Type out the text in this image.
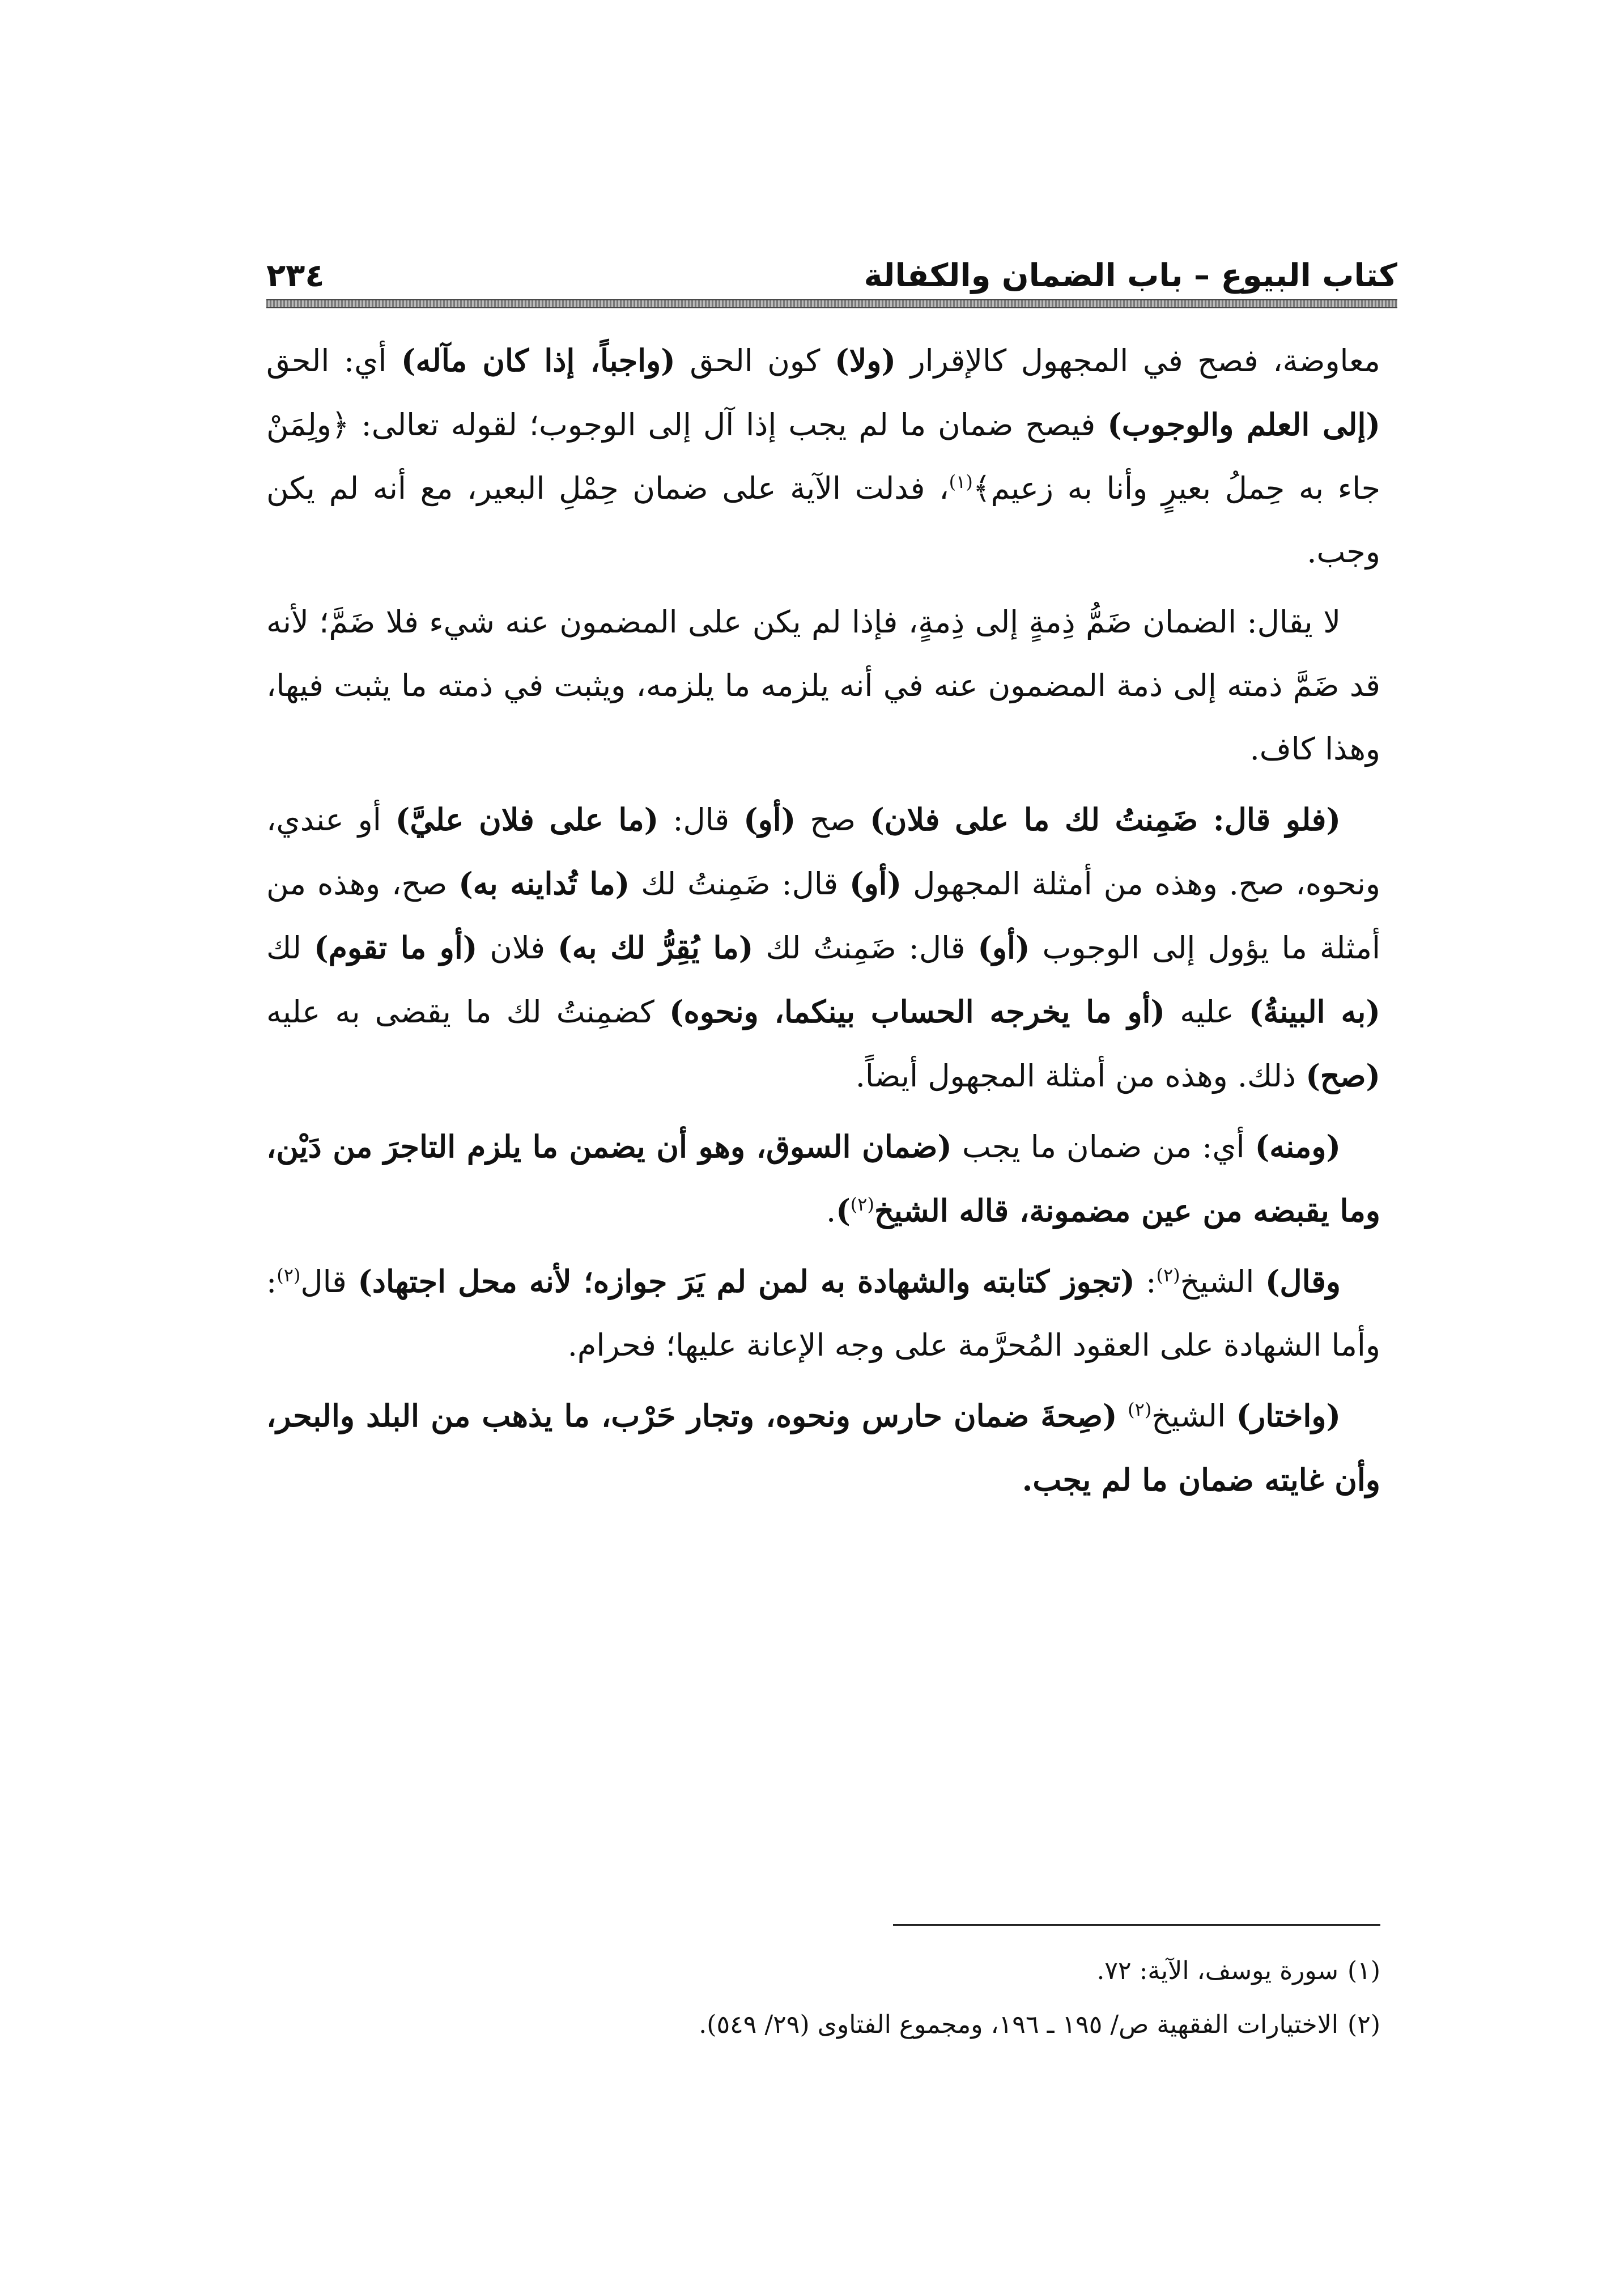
كتاب البيوع – باب الضمان والكفالة
٢٣٤

معاوضة، فصح في المجهول كالإقرار (ولا) كون الحق (واجباً، إذا كان مآله) أي: الحق (إلى العلم والوجوب) فيصح ضمان ما لم يجب إذا آل إلى الوجوب؛ لقوله تعالى: ﴿ولِمَنْ جاء به حِملُ بعيرٍ وأنا به زعيم﴾$^{(١)}$، فدلت الآية على ضمان حِمْلِ البعير، مع أنه لم يكن وجب.

لا يقال: الضمان ضَمُّ ذِمةٍ إلى ذِمةٍ، فإذا لم يكن على المضمون عنه شيء فلا ضَمَّ؛ لأنه قد ضَمَّ ذمته إلى ذمة المضمون عنه في أنه يلزمه ما يلزمه، ويثبت في ذمته ما يثبت فيها، وهذا كاف.

(فلو قال: ضَمِنتُ لك ما على فلان) صح (أو) قال: (ما على فلان عليَّ) أو عندي، ونحوه، صح. وهذه من أمثلة المجهول (أو) قال: ضَمِنتُ لك (ما تُداينه به) صح، وهذه من أمثلة ما يؤول إلى الوجوب (أو) قال: ضَمِنتُ لك (ما يُقِرُّ لك به) فلان (أو ما تقوم) لك (به البينةُ) عليه (أو ما يخرجه الحساب بينكما، ونحوه) كضمِنتُ لك ما يقضى به عليه (صح) ذلك. وهذه من أمثلة المجهول أيضاً.

(ومنه) أي: من ضمان ما يجب (ضمان السوق، وهو أن يضمن ما يلزم التاجرَ من دَيْن، وما يقبضه من عين مضمونة، قاله الشيخ$^{(٢)}$).

وقال) الشيخ$^{(٢)}$: (تجوز كتابته والشهادة به لمن لم يَرَ جوازه؛ لأنه محل اجتهاد) قال$^{(٢)}$: وأما الشهادة على العقود المُحرَّمة على وجه الإعانة عليها؛ فحرام.

(واختار) الشيخ$^{(٢)}$ (صِحةَ ضمان حارس ونحوه، وتجار حَرْب، ما يذهب من البلد والبحر، وأن غايته ضمان ما لم يجب.

(١)سورة يوسف، الآية: ٧٢.

(٢)الاختيارات الفقهية ص/ ١٩٥ ـ ١٩٦، ومجموع الفتاوى (٢٩/ ٥٤٩).
